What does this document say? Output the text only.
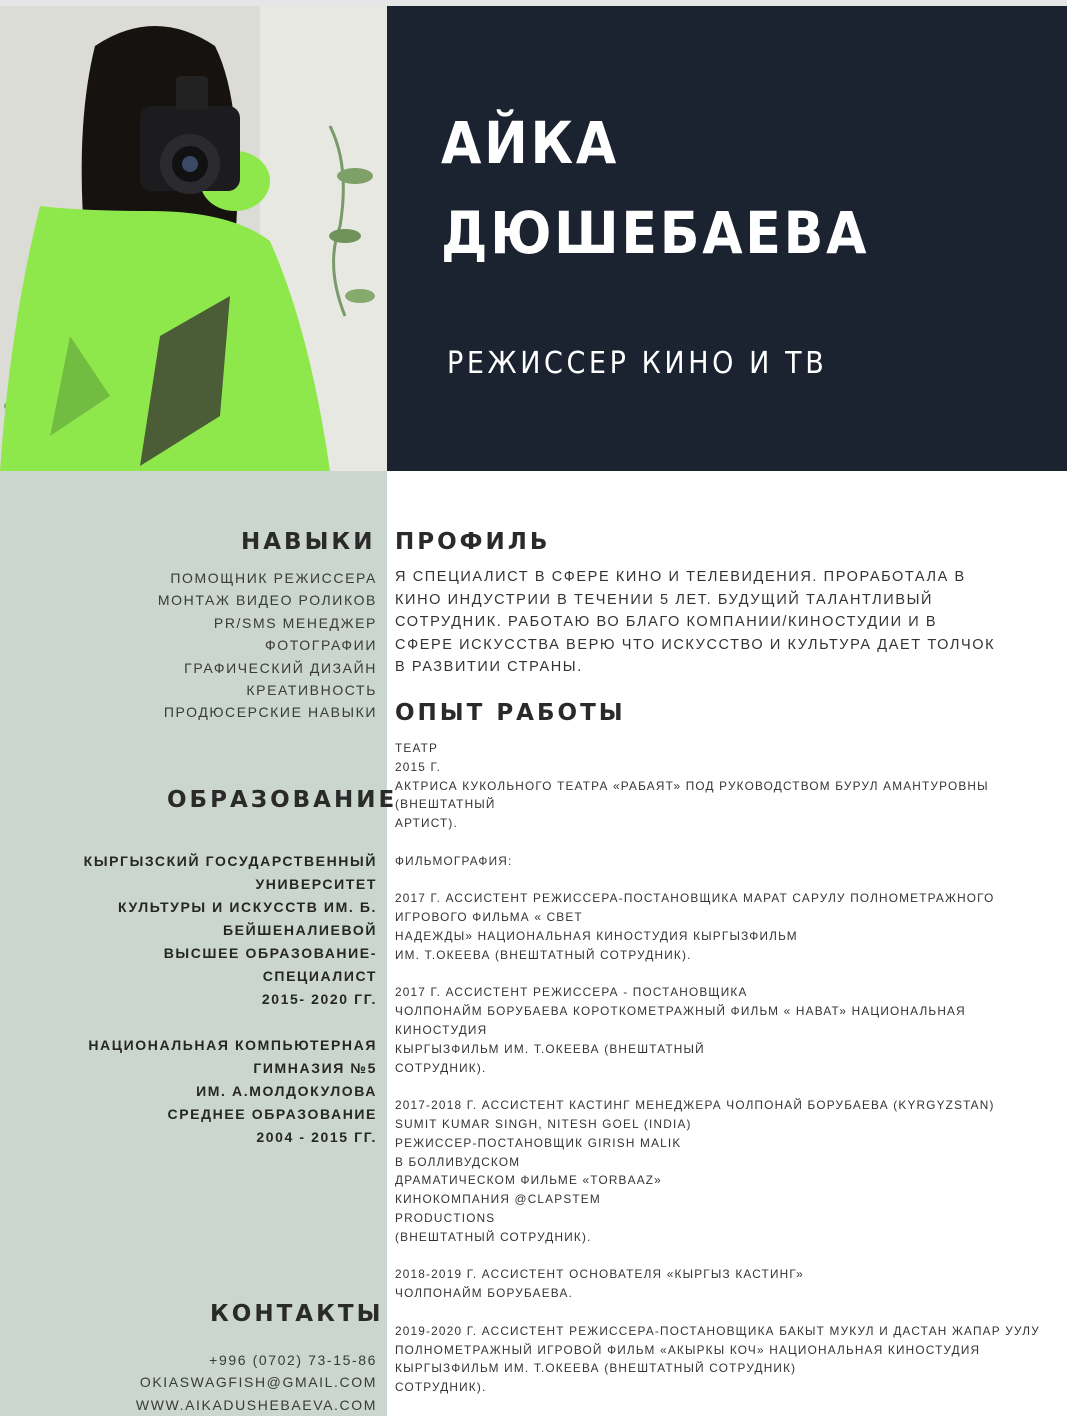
АЙКА
ДЮШЕБАЕВА
РЕЖИССЕР КИНО И ТВ
НАВЫКИ
ПОМОЩНИК РЕЖИССЕРА
МОНТАЖ ВИДЕО РОЛИКОВ
PR/SMS МЕНЕДЖЕР
ФОТОГРАФИИ
ГРАФИЧЕСКИЙ ДИЗАЙН
КРЕАТИВНОСТЬ
ПРОДЮСЕРСКИЕ НАВЫКИ
ОБРАЗОВАНИЕ
КЫРГЫЗСКИЙ ГОСУДАРСТВЕННЫЙ
УНИВЕРСИТЕТ
КУЛЬТУРЫ И ИСКУССТВ ИМ. Б.
БЕЙШЕНАЛИЕВОЙ
ВЫСШЕЕ ОБРАЗОВАНИЕ-
СПЕЦИАЛИСТ
2015- 2020 ГГ.
НАЦИОНАЛЬНАЯ КОМПЬЮТЕРНАЯ
ГИМНАЗИЯ №5
ИМ. А.МОЛДОКУЛОВА
СРЕДНЕЕ ОБРАЗОВАНИЕ
2004 - 2015 ГГ.
КОНТАКТЫ
+996 (0702) 73-15-86
OKIASWAGFISH@GMAIL.COM
WWW.AIKADUSHEBAEVA.COM
ПРОФИЛЬ
Я СПЕЦИАЛИСТ В СФЕРЕ КИНО И ТЕЛЕВИДЕНИЯ. ПРОРАБОТАЛА В
КИНО ИНДУСТРИИ В ТЕЧЕНИИ 5 ЛЕТ. БУДУЩИЙ ТАЛАНТЛИВЫЙ
СОТРУДНИК. РАБОТАЮ ВО БЛАГО КОМПАНИИ/КИНОСТУДИИ И В
СФЕРЕ ИСКУССТВА ВЕРЮ ЧТО ИСКУССТВО И КУЛЬТУРА ДАЕТ ТОЛЧОК
В РАЗВИТИИ СТРАНЫ.
ОПЫТ РАБОТЫ
ТЕАТР
2015 Г.
АКТРИСА КУКОЛЬНОГО ТЕАТРА «РАБАЯТ» ПОД РУКОВОДСТВОМ БУРУЛ АМАНТУРОВНЫ
(ВНЕШТАТНЫЙ
АРТИСТ).
ФИЛЬМОГРАФИЯ:
2017 Г. АССИСТЕНТ РЕЖИССЕРА-ПОСТАНОВЩИКА МАРАТ САРУЛУ ПОЛНОМЕТРАЖНОГО
ИГРОВОГО ФИЛЬМА « СВЕТ
НАДЕЖДЫ» НАЦИОНАЛЬНАЯ КИНОСТУДИЯ КЫРГЫЗФИЛЬМ
ИМ. Т.ОКЕЕВА (ВНЕШТАТНЫЙ СОТРУДНИК).
2017 Г. АССИСТЕНТ РЕЖИССЕРА - ПОСТАНОВЩИКА
ЧОЛПОНАЙМ БОРУБАЕВА КОРОТКОМЕТРАЖНЫЙ ФИЛЬМ « НАВАТ» НАЦИОНАЛЬНАЯ
КИНОСТУДИЯ
КЫРГЫЗФИЛЬМ ИМ. Т.ОКЕЕВА (ВНЕШТАТНЫЙ
СОТРУДНИК).
2017-2018 Г. АССИСТЕНТ КАСТИНГ МЕНЕДЖЕРА ЧОЛПОНАЙ БОРУБАЕВА (KYRGYZSTAN)
SUMIT KUMAR SINGH, NITESH GOEL (INDIA)
РЕЖИССЕР-ПОСТАНОВЩИК GIRISH MALIK
В БОЛЛИВУДСКОМ
ДРАМАТИЧЕСКОМ ФИЛЬМЕ «TORBAAZ»
КИНОКОМПАНИЯ @CLAPSTEM
PRODUCTIONS
(ВНЕШТАТНЫЙ СОТРУДНИК).
2018-2019 Г. АССИСТЕНТ ОСНОВАТЕЛЯ «КЫРГЫЗ КАСТИНГ»
ЧОЛПОНАЙМ БОРУБАЕВА.
2019-2020 Г. АССИСТЕНТ РЕЖИССЕРА-ПОСТАНОВЩИКА БАКЫТ МУКУЛ И ДАСТАН ЖАПАР УУЛУ
ПОЛНОМЕТРАЖНЫЙ ИГРОВОЙ ФИЛЬМ «АКЫРКЫ КОЧ» НАЦИОНАЛЬНАЯ КИНОСТУДИЯ
КЫРГЫЗФИЛЬМ ИМ. Т.ОКЕЕВА (ВНЕШТАТНЫЙ СОТРУДНИК)
СОТРУДНИК).
